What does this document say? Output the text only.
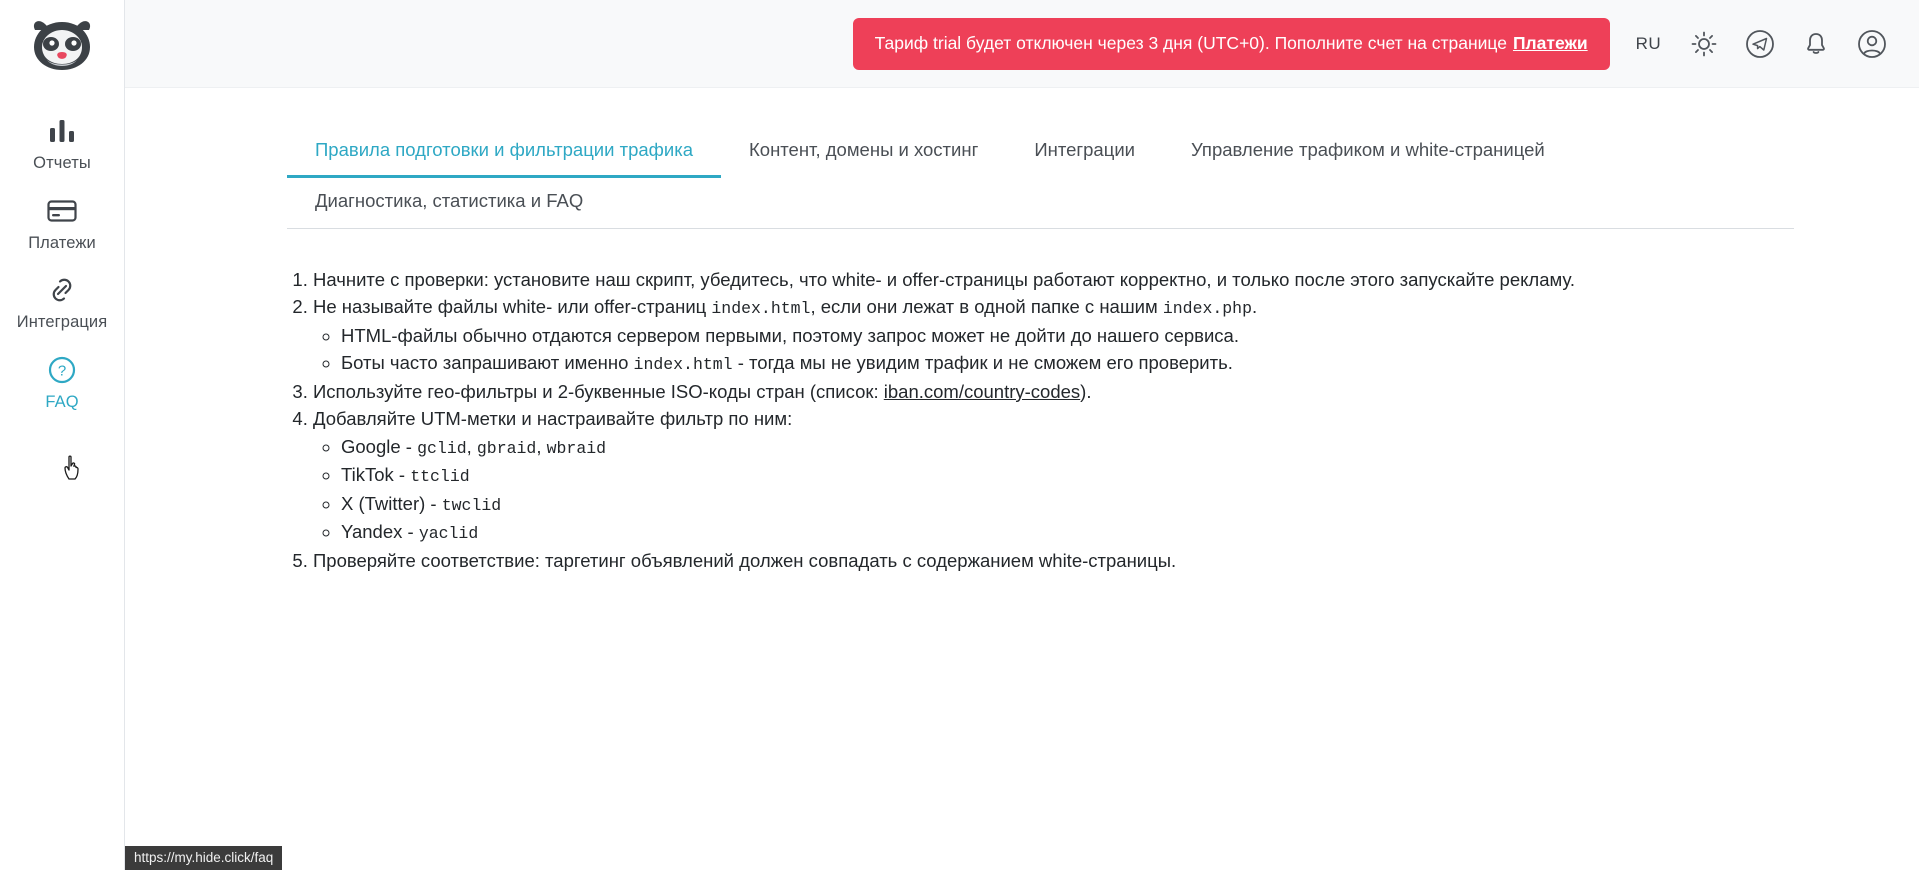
Отчеты
Платежи
Интеграция
?
FAQ
Тариф trial будет отключен через 3 дня (UTC+0). Пополните счет на странице Платежи	RU
Правила подготовки и фильтрации трафика	Контент, домены и хостинг	Интеграции	Управление трафиком и white-страницей
Диагностика, статистика и FAQ
1. Начните с проверки: установите наш скрипт, убедитесь, что white- и offer-страницы работают корректно, и только после этого запускайте рекламу.
2. Не называйте файлы white- или offer-страниц index.html, если они лежат в одной папке с нашим index.php.
◦ HTML-файлы обычно отдаются сервером первыми, поэтому запрос может не дойти до нашего сервиса.
◦ Боты часто запрашивают именно index.html - тогда мы не увидим трафик и не сможем его проверить.
3. Используйте гео-фильтры и 2-буквенные ISO-коды стран (список: iban.com/country-codes).
4. Добавляйте UTM-метки и настраивайте фильтр по ним:
◦ Google - gclid, gbraid, wbraid
◦ TikTok - ttclid
◦ X (Twitter) - twclid
◦ Yandex - yaclid
5. Проверяйте соответствие: таргетинг объявлений должен совпадать с содержанием white-страницы.
https://my.hide.click/faq
